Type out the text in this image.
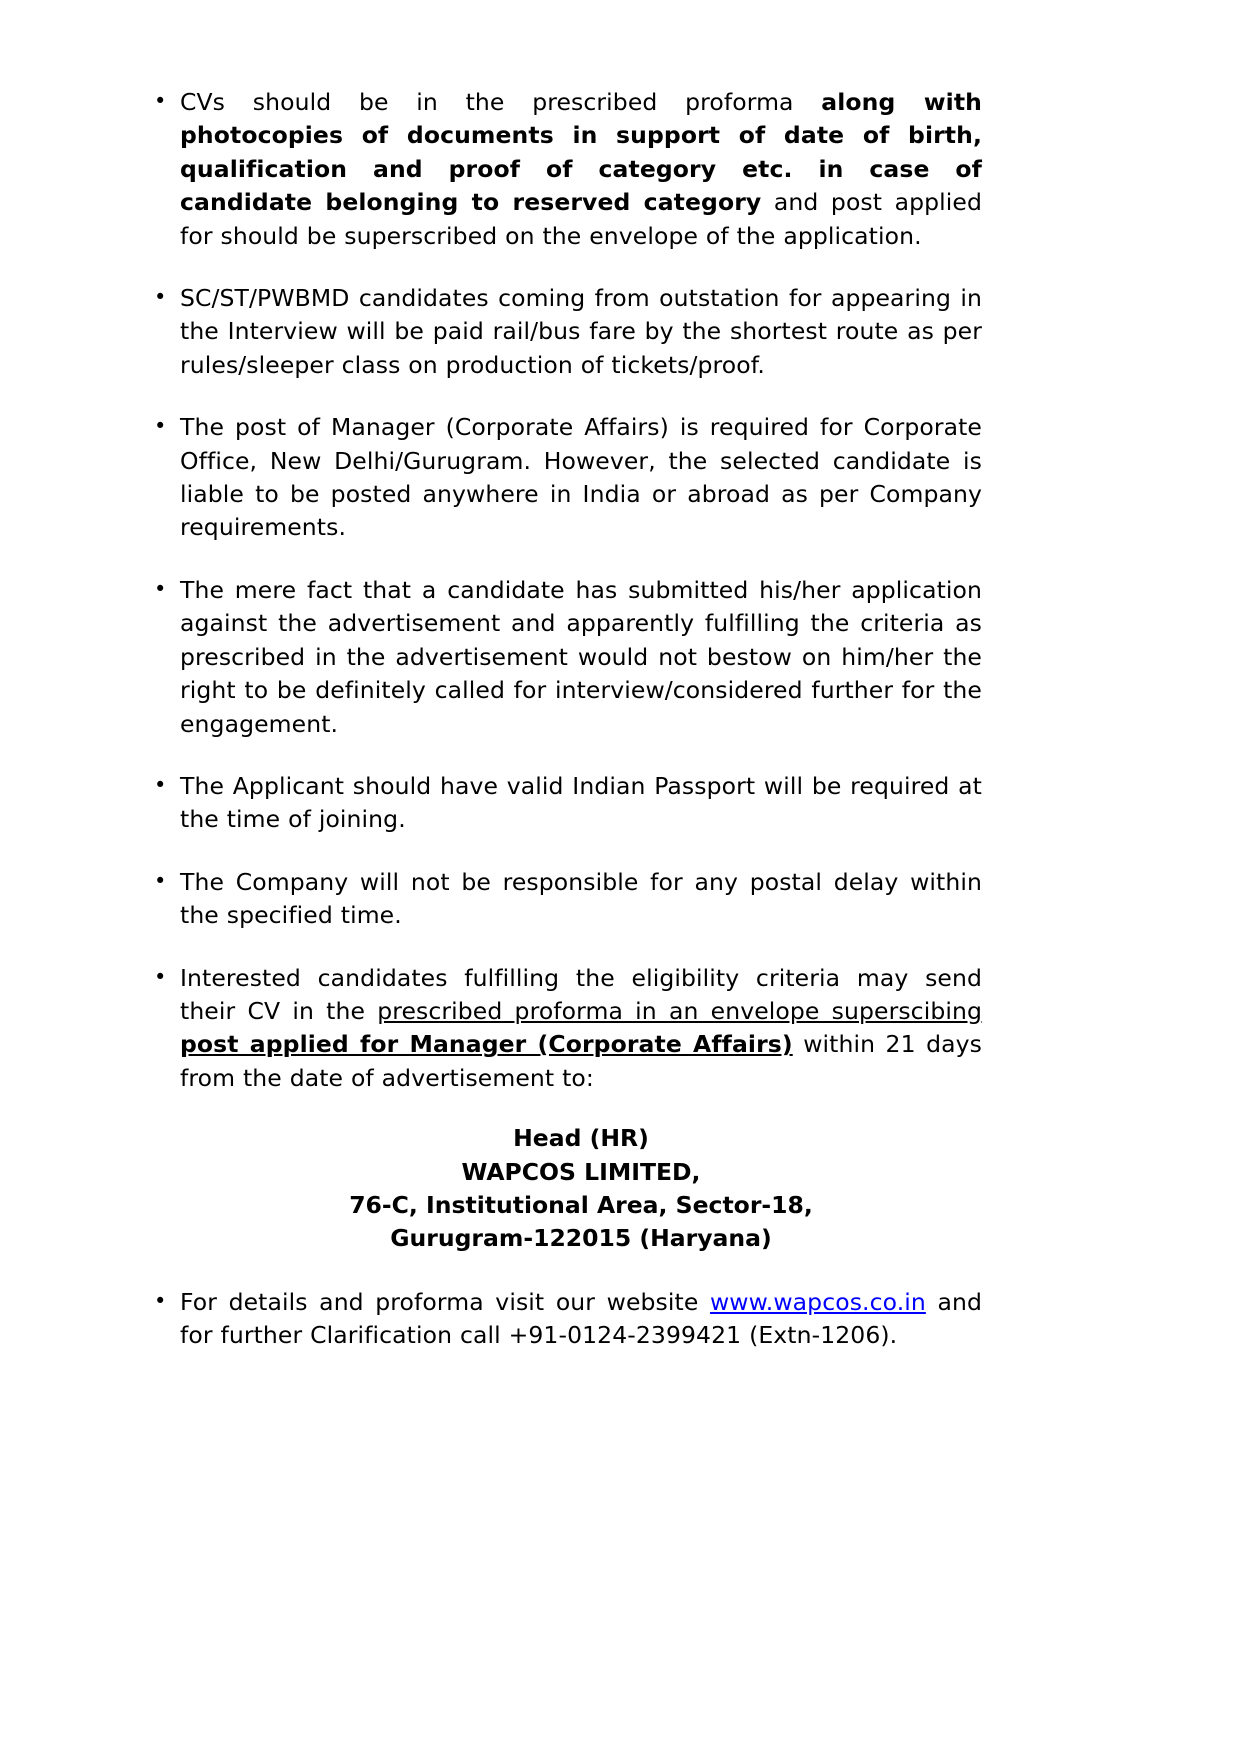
• CVs should be in the prescribed proforma along with photocopies of documents in support of date of birth, qualification and proof of category etc. in case of candidate belonging to reserved category and post applied for should be superscribed on the envelope of the application.
• SC/ST/PWBMD candidates coming from outstation for appearing in the Interview will be paid rail/bus fare by the shortest route as per rules/sleeper class on production of tickets/proof.
• The post of Manager (Corporate Affairs) is required for Corporate Office, New Delhi/Gurugram. However, the selected candidate is liable to be posted anywhere in India or abroad as per Company requirements.
• The mere fact that a candidate has submitted his/her application against the advertisement and apparently fulfilling the criteria as prescribed in the advertisement would not bestow on him/her the right to be definitely called for interview/considered further for the engagement.
• The Applicant should have valid Indian Passport will be required at the time of joining.
• The Company will not be responsible for any postal delay within the specified time.
• Interested candidates fulfilling the eligibility criteria may send their CV in the prescribed proforma in an envelope superscibing post applied for Manager (Corporate Affairs) within 21 days from the date of advertisement to:
Head (HR)
WAPCOS LIMITED,
76-C, Institutional Area, Sector-18,
Gurugram-122015 (Haryana)
• For details and proforma visit our website www.wapcos.co.in and for further Clarification call +91-0124-2399421 (Extn-1206).
